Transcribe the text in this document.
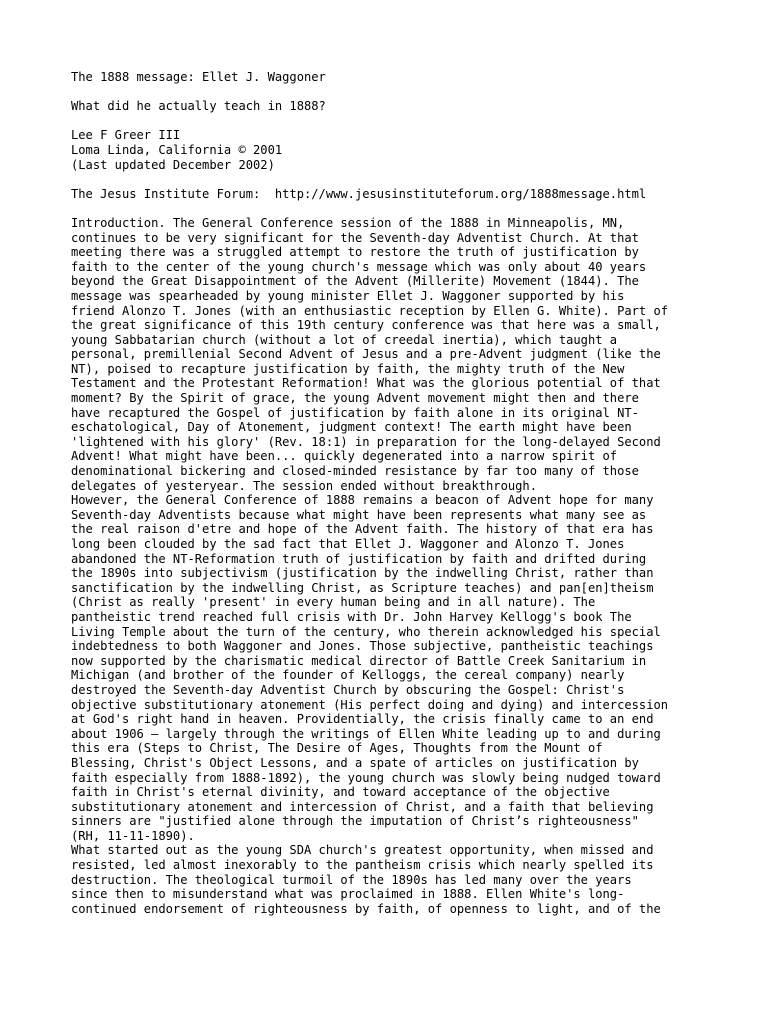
The 1888 message: Ellet J. Waggoner
What did he actually teach in 1888?
Lee F Greer III
Loma Linda, California © 2001
(Last updated December 2002)
The Jesus Institute Forum:  http://www.jesusinstituteforum.org/1888message.html
Introduction. The General Conference session of the 1888 in Minneapolis, MN,
continues to be very significant for the Seventh-day Adventist Church. At that
meeting there was a struggled attempt to restore the truth of justification by
faith to the center of the young church's message which was only about 40 years
beyond the Great Disappointment of the Advent (Millerite) Movement (1844). The
message was spearheaded by young minister Ellet J. Waggoner supported by his
friend Alonzo T. Jones (with an enthusiastic reception by Ellen G. White). Part of
the great significance of this 19th century conference was that here was a small,
young Sabbatarian church (without a lot of creedal inertia), which taught a
personal, premillenial Second Advent of Jesus and a pre-Advent judgment (like the
NT), poised to recapture justification by faith, the mighty truth of the New
Testament and the Protestant Reformation! What was the glorious potential of that
moment? By the Spirit of grace, the young Advent movement might then and there
have recaptured the Gospel of justification by faith alone in its original NT-
eschatological, Day of Atonement, judgment context! The earth might have been
'lightened with his glory' (Rev. 18:1) in preparation for the long-delayed Second
Advent! What might have been... quickly degenerated into a narrow spirit of
denominational bickering and closed-minded resistance by far too many of those
delegates of yesteryear. The session ended without breakthrough.
However, the General Conference of 1888 remains a beacon of Advent hope for many
Seventh-day Adventists because what might have been represents what many see as
the real raison d'etre and hope of the Advent faith. The history of that era has
long been clouded by the sad fact that Ellet J. Waggoner and Alonzo T. Jones
abandoned the NT-Reformation truth of justification by faith and drifted during
the 1890s into subjectivism (justification by the indwelling Christ, rather than
sanctification by the indwelling Christ, as Scripture teaches) and pan[en]theism
(Christ as really 'present' in every human being and in all nature). The
pantheistic trend reached full crisis with Dr. John Harvey Kellogg's book The
Living Temple about the turn of the century, who therein acknowledged his special
indebtedness to both Waggoner and Jones. Those subjective, pantheistic teachings
now supported by the charismatic medical director of Battle Creek Sanitarium in
Michigan (and brother of the founder of Kelloggs, the cereal company) nearly
destroyed the Seventh-day Adventist Church by obscuring the Gospel: Christ's
objective substitutionary atonement (His perfect doing and dying) and intercession
at God's right hand in heaven. Providentially, the crisis finally came to an end
about 1906 – largely through the writings of Ellen White leading up to and during
this era (Steps to Christ, The Desire of Ages, Thoughts from the Mount of
Blessing, Christ's Object Lessons, and a spate of articles on justification by
faith especially from 1888-1892), the young church was slowly being nudged toward
faith in Christ's eternal divinity, and toward acceptance of the objective
substitutionary atonement and intercession of Christ, and a faith that believing
sinners are "justified alone through the imputation of Christ’s righteousness"
(RH, 11-11-1890).
What started out as the young SDA church's greatest opportunity, when missed and
resisted, led almost inexorably to the pantheism crisis which nearly spelled its
destruction. The theological turmoil of the 1890s has led many over the years
since then to misunderstand what was proclaimed in 1888. Ellen White's long-
continued endorsement of righteousness by faith, of openness to light, and of the
